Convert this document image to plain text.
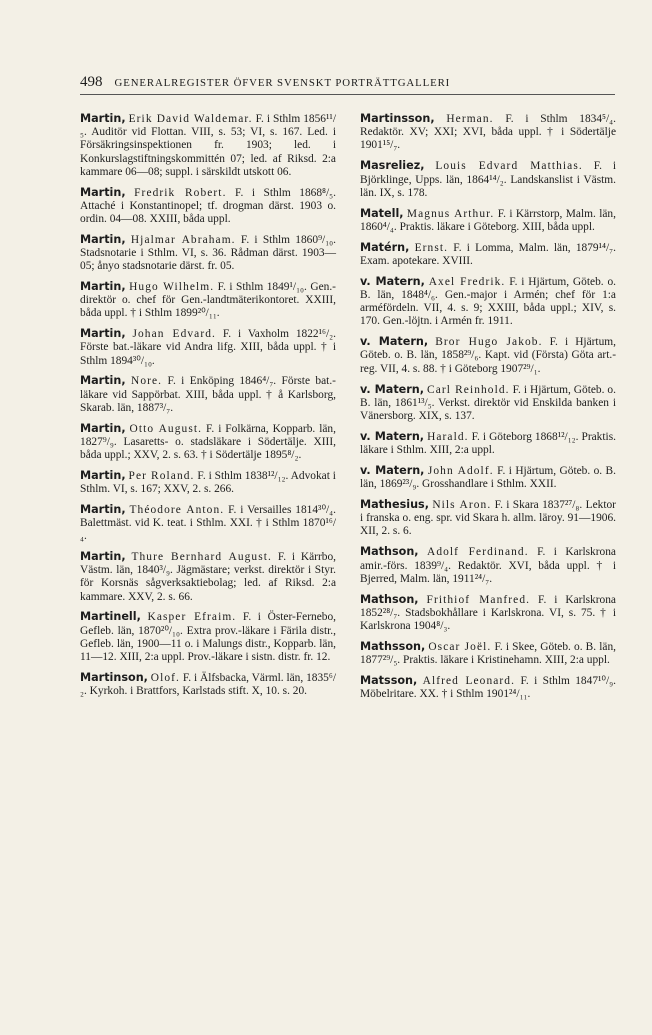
498 GENERALREGISTER ÖFVER SVENSKT PORTRÄTTGALLERI

Martin, Erik David Waldemar. F. i Sthlm 1856¹¹/₅. Auditör vid Flottan. VIII, s. 53; VI, s. 167. Led. i Försäkringsinspektionen fr. 1903; led. i Konkurslagstiftningskommittén 07; led. af Riksd. 2:a kammare 06—08; suppl. i särskildt utskott 06.

Martin, Fredrik Robert. F. i Sthlm 1868⁸/₅. Attaché i Konstantinopel; tf. drogman därst. 1903 o. ordin. 04—08. XXIII, båda uppl.

Martin, Hjalmar Abraham. F. i Sthlm 1860⁹/₁₀. Stadsnotarie i Sthlm. VI, s. 36. Rådman därst. 1903—05; ånyo stadsnotarie därst. fr. 05.

Martin, Hugo Wilhelm. F. i Sthlm 1849¹/₁₀. Gen.-direktör o. chef för Gen.-landtmäterikontoret. XXIII, båda uppl. † i Sthlm 1899²⁰/₁₁.

Martin, Johan Edvard. F. i Vaxholm 1822¹⁶/₂. Förste bat.-läkare vid Andra lifg. XIII, båda uppl. † i Sthlm 1894³⁰/₁₀.

Martin, Nore. F. i Enköping 1846⁴/₇. Förste bat.-läkare vid Sappörbat. XIII, båda uppl. † å Karlsborg, Skarab. län, 1887³/₇.

Martin, Otto August. F. i Folkärna, Kopparb. län, 1827⁹/₉. Lasaretts- o. stadsläkare i Södertälje. XIII, båda uppl.; XXV, 2. s. 63. † i Södertälje 1895⁸/₂.

Martin, Per Roland. F. i Sthlm 1838¹²/₁₂. Advokat i Sthlm. VI, s. 167; XXV, 2. s. 266.

Martin, Théodore Anton. F. i Versailles 1814³⁰/₄. Balettmäst. vid K. teat. i Sthlm. XXI. † i Sthlm 1870¹⁶/₄.

Martin, Thure Bernhard August. F. i Kärrbo, Västm. län, 1840³/₉. Jägmästare; verkst. direktör i Styr. för Korsnäs sågverksaktiebolag; led. af Riksd. 2:a kammare. XXV, 2. s. 66.

Martinell, Kasper Efraim. F. i Öster-Fernebo, Gefleb. län, 1870²⁰/₁₀. Extra prov.-läkare i Färila distr., Gefleb. län, 1900—11 o. i Malungs distr., Kopparb. län, 11—12. XIII, 2:a uppl. Prov.-läkare i sistn. distr. fr. 12.

Martinson, Olof. F. i Älfsbacka, Värml. län, 1835⁶/₂. Kyrkoh. i Brattfors, Karlstads stift. X, 10. s. 20.

Martinsson, Herman. F. i Sthlm 1834⁵/₄. Redaktör. XV; XXI; XVI, båda uppl. † i Södertälje 1901¹⁵/₇.

Masreliez, Louis Edvard Matthias. F. i Björklinge, Upps. län, 1864¹⁴/₂. Landskanslist i Västm. län. IX, s. 178.

Matell, Magnus Arthur. F. i Kärrstorp, Malm. län, 1860⁴/₄. Praktis. läkare i Göteborg. XIII, båda uppl.

Matérn, Ernst. F. i Lomma, Malm. län, 1879¹⁴/₇. Exam. apotekare. XVIII.

v. Matern, Axel Fredrik. F. i Hjärtum, Göteb. o. B. län, 1848⁴/₆. Gen.-major i Armén; chef för 1:a arméfördeln. VII, 4. s. 9; XXIII, båda uppl.; XIV, s. 170. Gen.-löjtn. i Armén fr. 1911.

v. Matern, Bror Hugo Jakob. F. i Hjärtum, Göteb. o. B. län, 1858²⁹/₆. Kapt. vid (Första) Göta art.-reg. VII, 4. s. 88. † i Göteborg 1907²⁹/₁.

v. Matern, Carl Reinhold. F. i Hjärtum, Göteb. o. B. län, 1861¹³/₅. Verkst. direktör vid Enskilda banken i Vänersborg. XIX, s. 137.

v. Matern, Harald. F. i Göteborg 1868¹²/₁₂. Praktis. läkare i Sthlm. XIII, 2:a uppl.

v. Matern, John Adolf. F. i Hjärtum, Göteb. o. B. län, 1869²³/₉. Grosshandlare i Sthlm. XXII.

Mathesius, Nils Aron. F. i Skara 1837²⁷/₈. Lektor i franska o. eng. spr. vid Skara h. allm. läroy. 91—1906. XII, 2. s. 6.

Mathson, Adolf Ferdinand. F. i Karlskrona amir.-förs. 1839⁹/₄. Redaktör. XVI, båda uppl. † i Bjerred, Malm. län, 1911²⁴/₇.

Mathson, Frithiof Manfred. F. i Karlskrona 1852²⁸/₇. Stadsbokhållare i Karlskrona. VI, s. 75. † i Karlskrona 1904⁸/₃.

Mathsson, Oscar Joël. F. i Skee, Göteb. o. B. län, 1877²⁹/₅. Praktis. läkare i Kristinehamn. XIII, 2:a uppl.

Matsson, Alfred Leonard. F. i Sthlm 1847¹⁰/₉. Möbelritare. XX. † i Sthlm 1901²⁴/₁₁.
